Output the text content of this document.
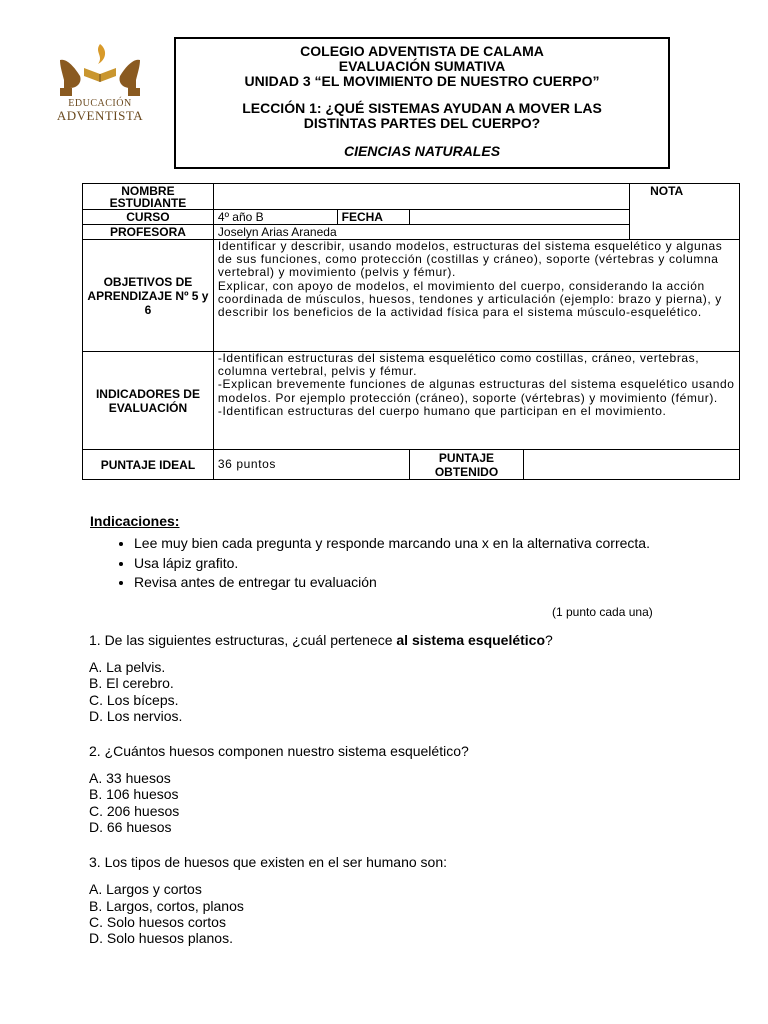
EDUCACIÓN
ADVENTISTA
COLEGIO ADVENTISTA DE CALAMA
EVALUACIÓN SUMATIVA
UNIDAD 3 “EL MOVIMIENTO DE NUESTRO CUERPO”
LECCIÓN 1: ¿QUÉ SISTEMAS AYUDAN A MOVER LAS
DISTINTAS PARTES DEL CUERPO?
CIENCIAS NATURALES
NOMBRE ESTUDIANTE					NOTA
CURSO	4º año B	FECHA			
PROFESORA	Joselyn Arias Araneda				
OBJETIVOS DE APRENDIZAJE Nº 5 y 6	Identificar y describir, usando modelos, estructuras del sistema esquelético y algunas de sus funciones, como protección (costillas y cráneo), soporte (vértebras y columna vertebral) y movimiento (pelvis y fémur).
Explicar, con apoyo de modelos, el movimiento del cuerpo, considerando la acción coordinada de músculos, huesos, tendones y articulación (ejemplo: brazo y pierna), y describir los beneficios de la actividad física para el sistema músculo-esquelético.				

INDICADORES DE EVALUACIÓN	-Identifican estructuras del sistema esquelético como costillas, cráneo, vertebras, columna vertebral, pelvis y fémur.
-Explican brevemente funciones de algunas estructuras del sistema esquelético usando modelos. Por ejemplo protección (cráneo), soporte (vértebras) y movimiento (fémur).
-Identifican estructuras del cuerpo humano que participan en el movimiento.				

PUNTAJE IDEAL	36 puntos		PUNTAJE OBTENIDO		
Indicaciones:
• Lee muy bien cada pregunta y responde marcando una x en la alternativa correcta.
• Usa lápiz grafito.
• Revisa antes de entregar tu evaluación
(1 punto cada una)

1. De las siguientes estructuras, ¿cuál pertenece al sistema esquelético?

A. La pelvis.
B. El cerebro.
C. Los bíceps.
D. Los nervios.

2. ¿Cuántos huesos componen nuestro sistema esquelético?

A. 33 huesos
B. 106 huesos
C. 206 huesos
D. 66 huesos

3. Los tipos de huesos que existen en el ser humano son:

A. Largos y cortos
B. Largos, cortos, planos
C. Solo huesos cortos
D. Solo huesos planos.
